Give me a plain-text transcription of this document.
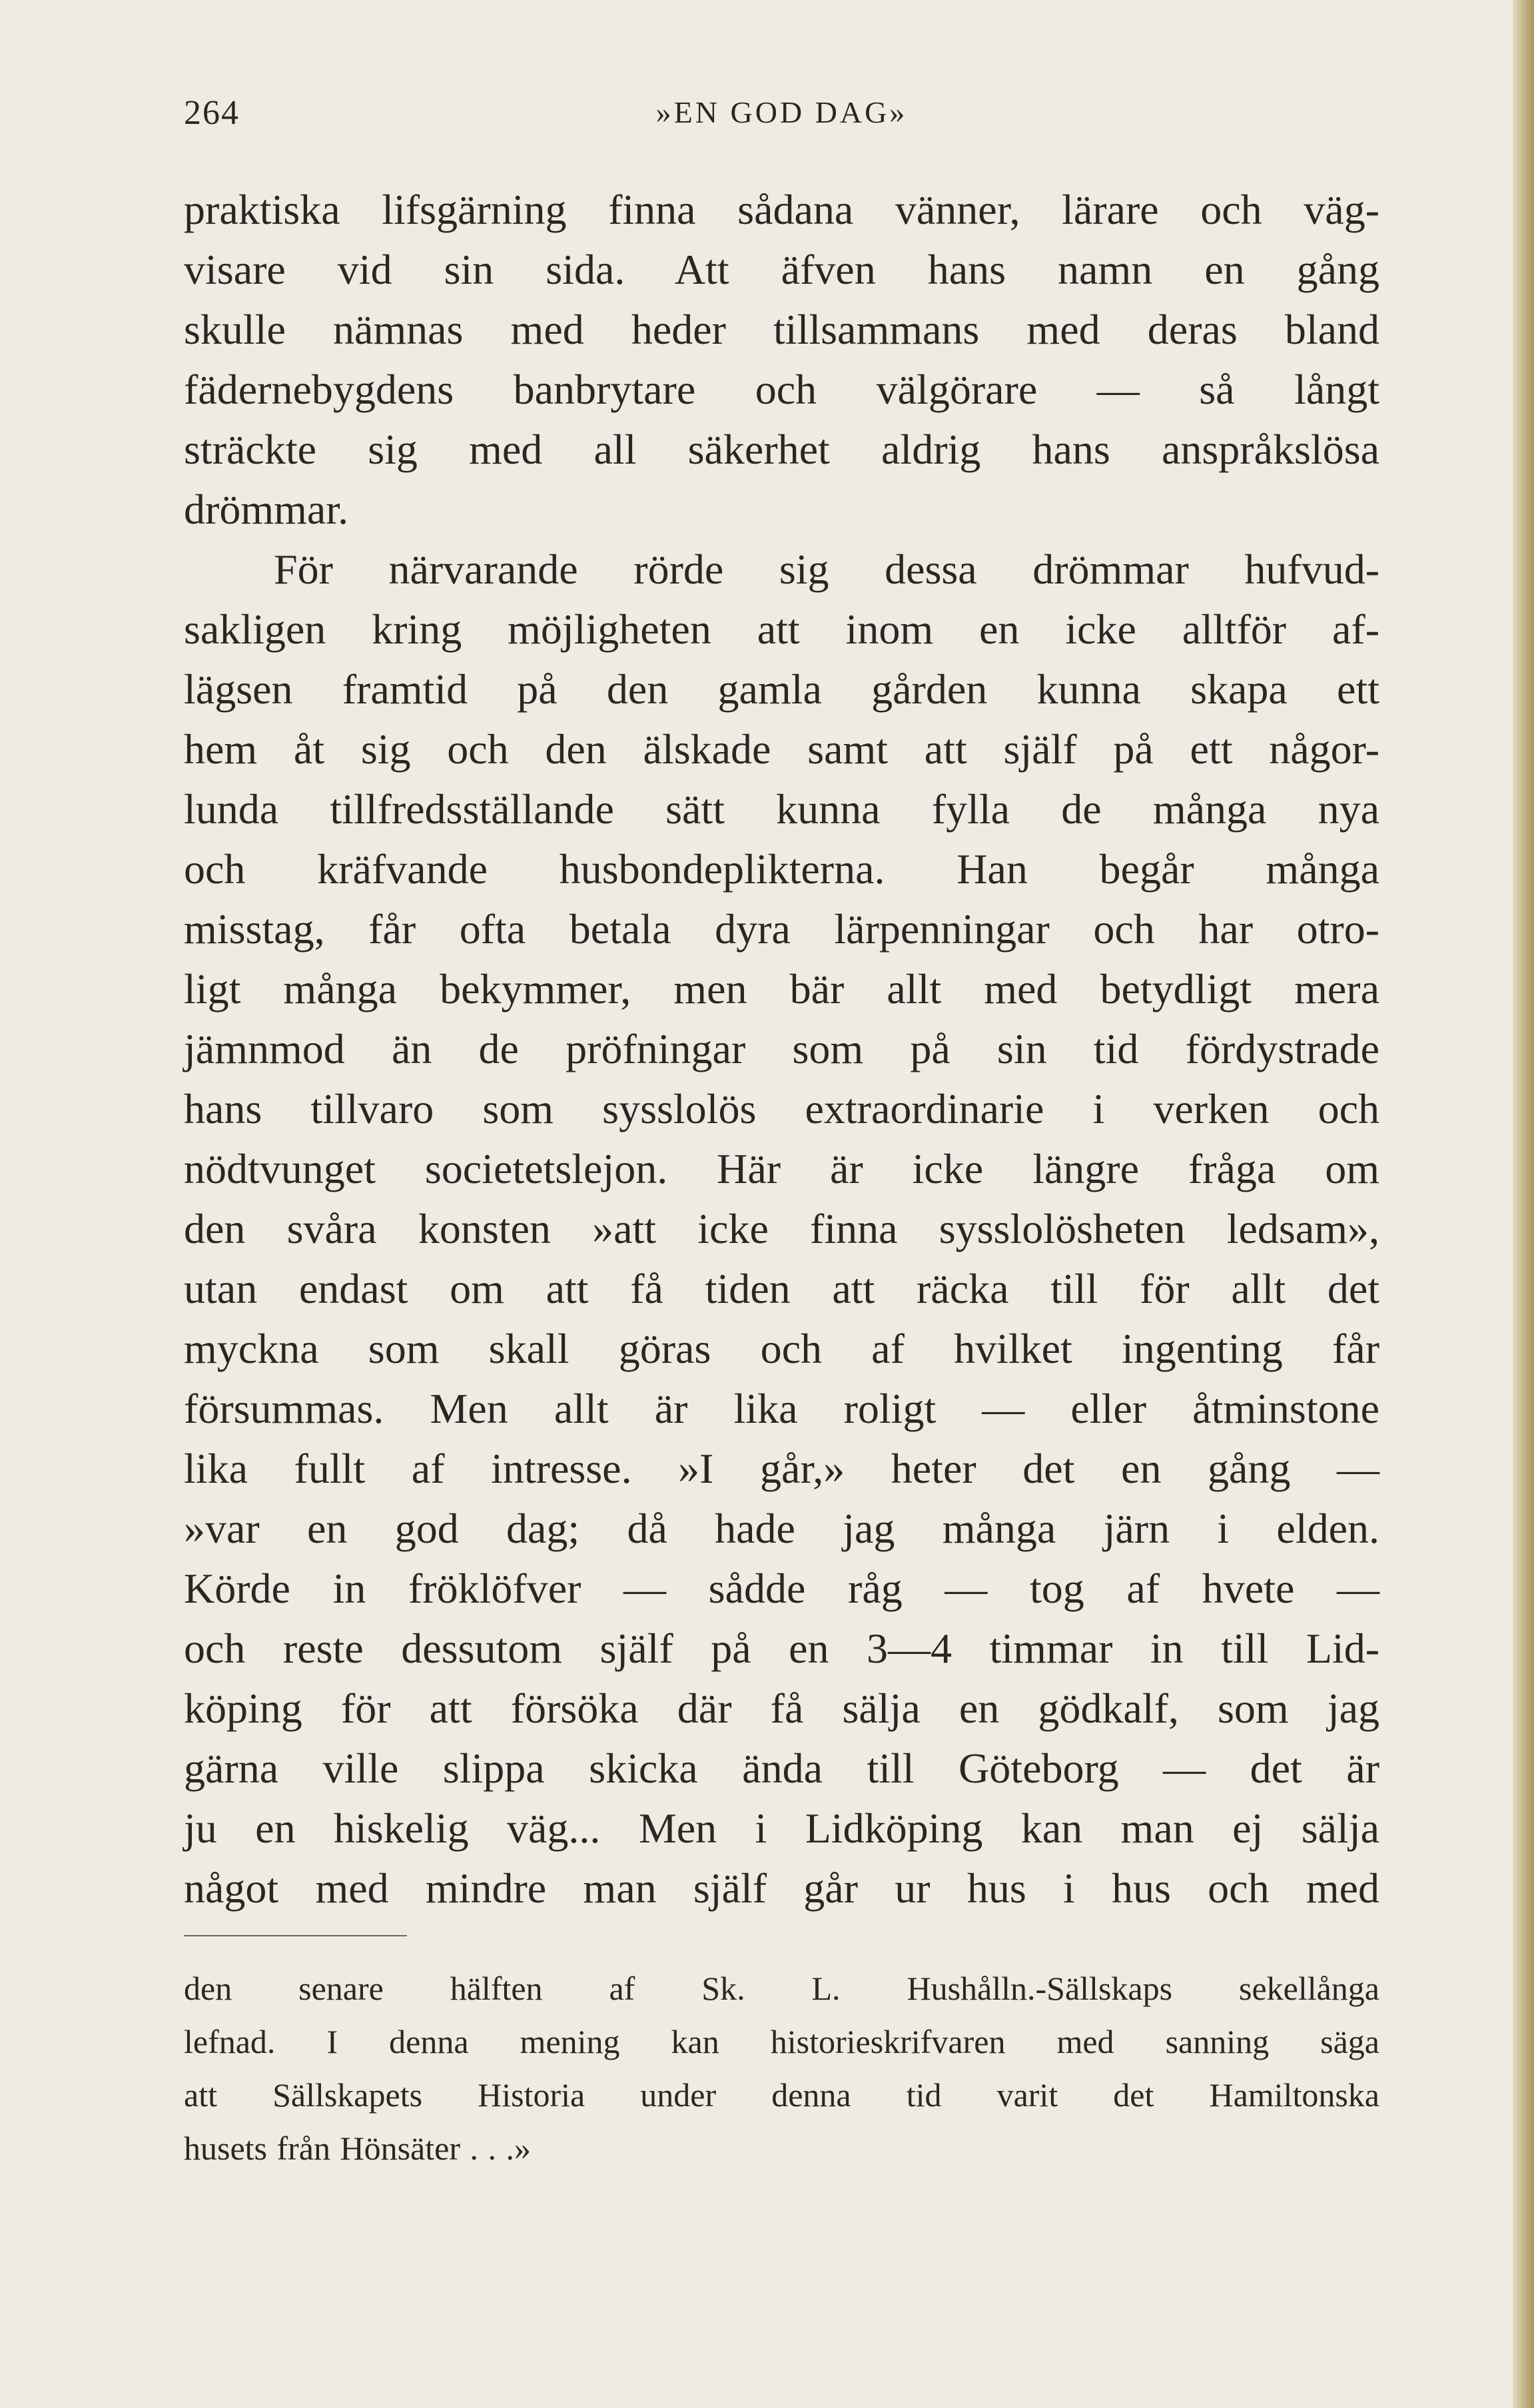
264	»EN GOD DAG»
praktiska lifsgärning finna sådana vänner, lärare och väg-
visare vid sin sida. Att äfven hans namn en gång
skulle nämnas med heder tillsammans med deras bland
fädernebygdens banbrytare och välgörare — så långt
sträckte sig med all säkerhet aldrig hans anspråkslösa
drömmar.
För närvarande rörde sig dessa drömmar hufvud-
sakligen kring möjligheten att inom en icke alltför af-
lägsen framtid på den gamla gården kunna skapa ett
hem åt sig och den älskade samt att själf på ett någor-
lunda tillfredsställande sätt kunna fylla de många nya
och kräfvande husbondeplikterna. Han begår många
misstag, får ofta betala dyra lärpenningar och har otro-
ligt många bekymmer, men bär allt med betydligt mera
jämnmod än de pröfningar som på sin tid fördystrade
hans tillvaro som sysslolös extraordinarie i verken och
nödtvunget societetslejon. Här är icke längre fråga om
den svåra konsten »att icke finna sysslolösheten ledsam»,
utan endast om att få tiden att räcka till för allt det
myckna som skall göras och af hvilket ingenting får
försummas. Men allt är lika roligt — eller åtminstone
lika fullt af intresse. »I går,» heter det en gång —
»var en god dag; då hade jag många järn i elden.
Körde in fröklöfver — sådde råg — tog af hvete —
och reste dessutom själf på en 3—4 timmar in till Lid-
köping för att försöka där få sälja en gödkalf, som jag
gärna ville slippa skicka ända till Göteborg — det är
ju en hiskelig väg... Men i Lidköping kan man ej sälja
något med mindre man själf går ur hus i hus och med
den senare hälften af Sk. L. Hushålln.-Sällskaps sekellånga
lefnad. I denna mening kan historieskrifvaren med sanning säga
att Sällskapets Historia under denna tid varit det Hamiltonska
husets från Hönsäter . . .»
